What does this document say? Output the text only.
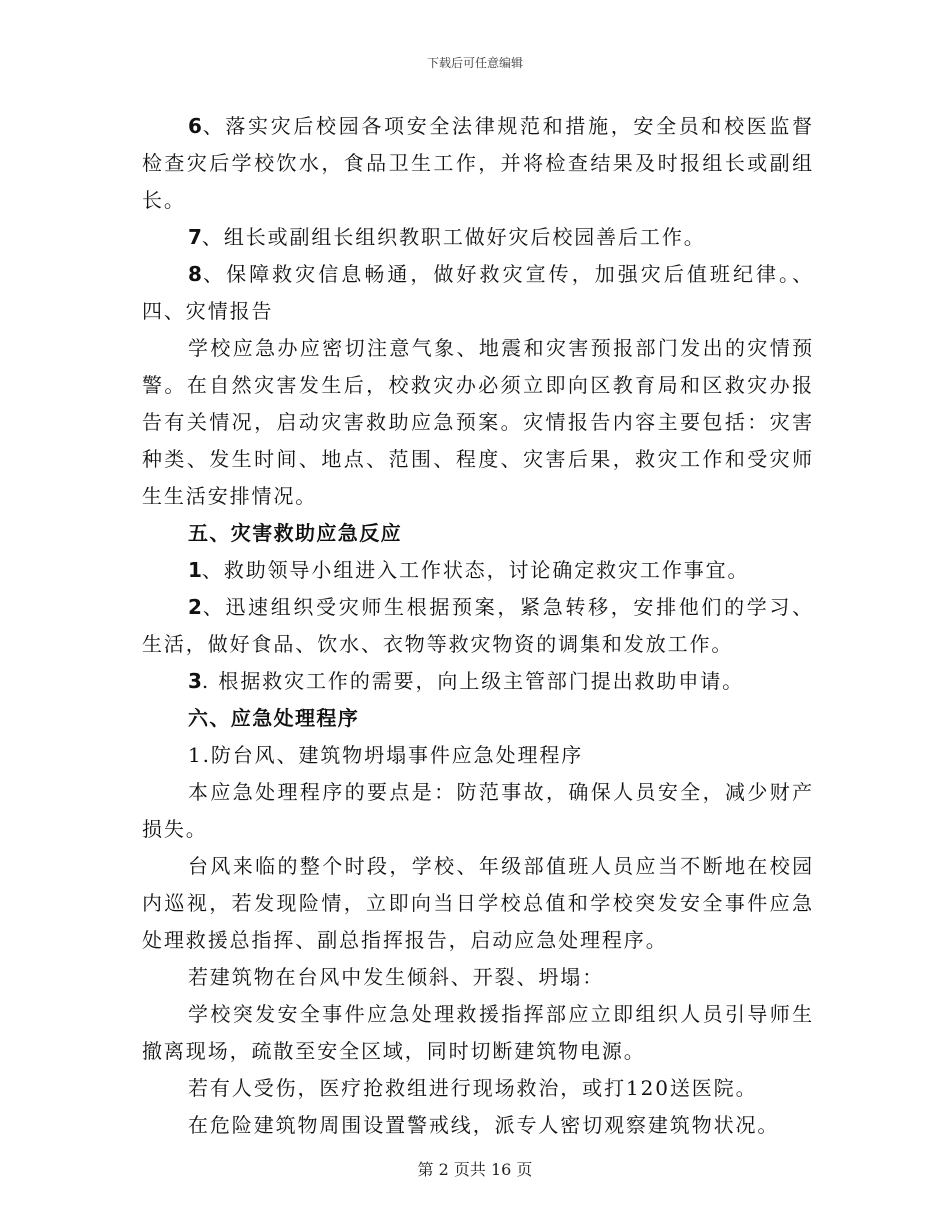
下载后可任意编辑

6、落实灾后校园各项安全法律规范和措施，安全员和校医监督检查灾后学校饮水，食品卫生工作，并将检查结果及时报组长或副组长。

7、组长或副组长组织教职工做好灾后校园善后工作。

8、保障救灾信息畅通，做好救灾宣传，加强灾后值班纪律。、四、灾情报告

学校应急办应密切注意气象、地震和灾害预报部门发出的灾情预警。在自然灾害发生后，校救灾办必须立即向区教育局和区救灾办报告有关情况，启动灾害救助应急预案。灾情报告内容主要包括：灾害种类、发生时间、地点、范围、程度、灾害后果，救灾工作和受灾师生生活安排情况。

五、灾害救助应急反应

1、救助领导小组进入工作状态，讨论确定救灾工作事宜。

2、迅速组织受灾师生根据预案，紧急转移，安排他们的学习、生活，做好食品、饮水、衣物等救灾物资的调集和发放工作。

3. 根据救灾工作的需要，向上级主管部门提出救助申请。

六、应急处理程序

1.防台风、建筑物坍塌事件应急处理程序

本应急处理程序的要点是：防范事故，确保人员安全，减少财产损失。

台风来临的整个时段，学校、年级部值班人员应当不断地在校园内巡视，若发现险情，立即向当日学校总值和学校突发安全事件应急处理救援总指挥、副总指挥报告，启动应急处理程序。

若建筑物在台风中发生倾斜、开裂、坍塌：

学校突发安全事件应急处理救援指挥部应立即组织人员引导师生撤离现场，疏散至安全区域，同时切断建筑物电源。

若有人受伤，医疗抢救组进行现场救治，或打120送医院。

在危险建筑物周围设置警戒线，派专人密切观察建筑物状况。

第 2 页共 16 页
